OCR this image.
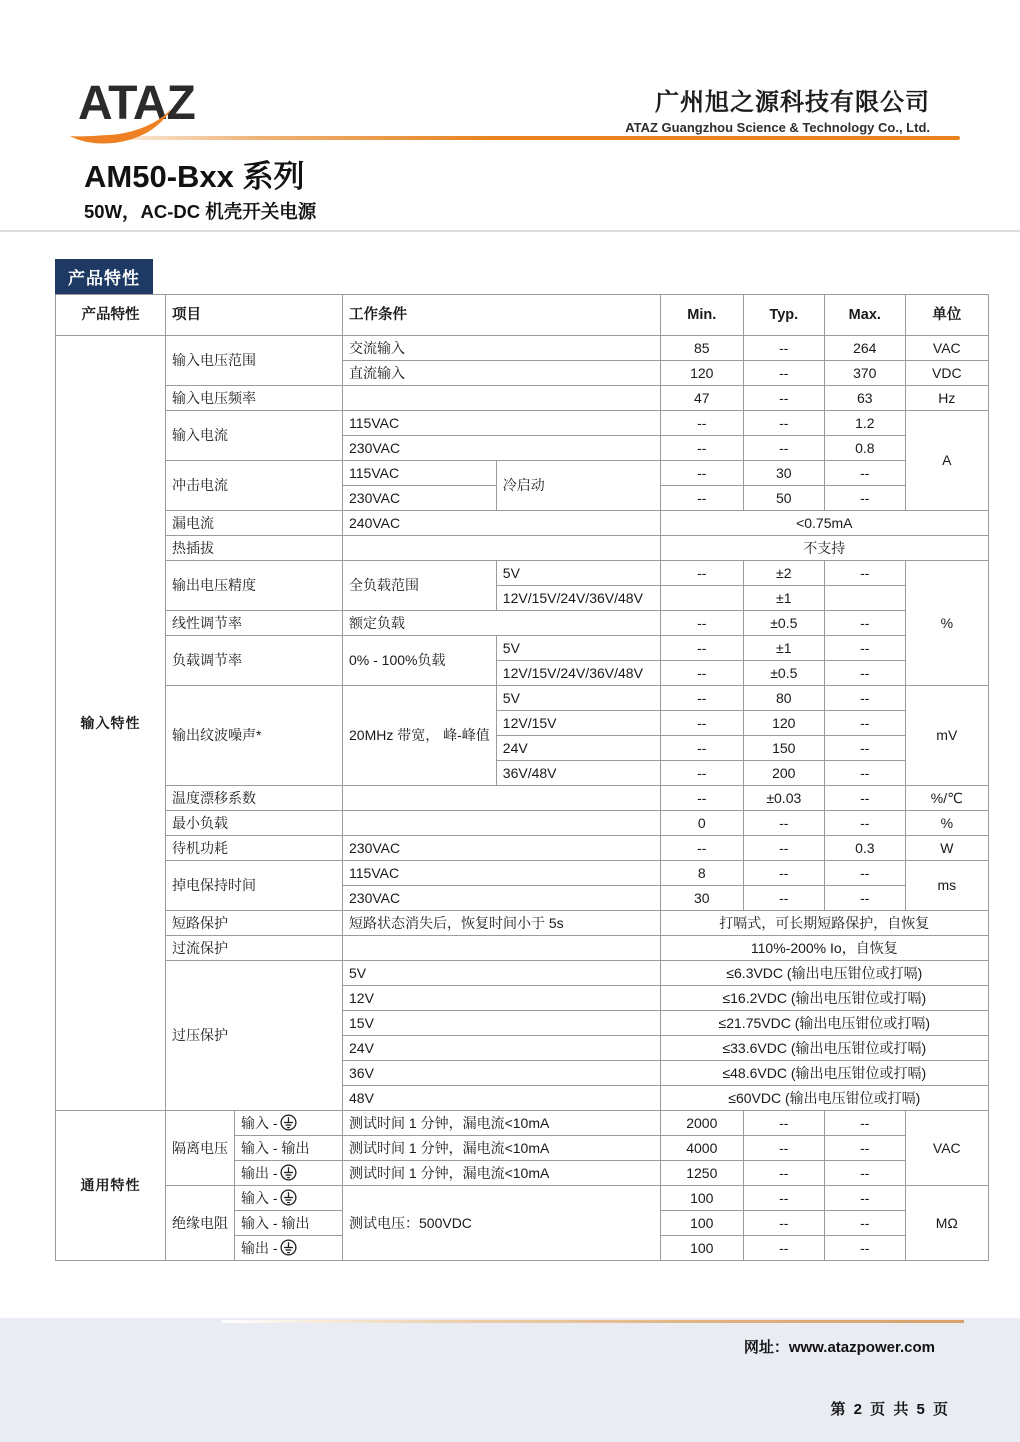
ATAZ	广州旭之源科技有限公司
ATAZ Guangzhou Science & Technology Co., Ltd.
AM50-Bxx 系列
50W，AC-DC 机壳开关电源
产品特性
产品特性	项目		工作条件		Min.	Typ.	Max.	单位
输入特性	输入电压范围		交流输入		85	--	264	VAC
			直流输入		120	--	370	VDC
	输入电压频率				47	--	63	Hz
	输入电流		115VAC		--	--	1.2	A
			230VAC		--	--	0.8	
	冲击电流		115VAC	冷启动	--	30	--	
			230VAC		--	50	--	
	漏电流		240VAC		<0.75mA			
	热插拔				不支持			
	输出电压精度		全负载范围	5V	--	±2	--	%
				12V/15V/24V/36V/48V		±1		
	线性调节率		额定负载		--	±0.5	--	
	负载调节率		0% - 100%负载	5V	--	±1	--	
				12V/15V/24V/36V/48V	--	±0.5	--	
	输出纹波噪声*		20MHz 带宽， 峰-峰值	5V	--	80	--	mV
				12V/15V	--	120	--	
				24V	--	150	--	
				36V/48V	--	200	--	
	温度漂移系数				--	±0.03	--	%/℃
	最小负载				0	--	--	%
	待机功耗		230VAC		--	--	0.3	W
	掉电保持时间		115VAC		8	--	--	ms
			230VAC		30	--	--	
	短路保护		短路状态消失后，恢复时间小于 5s		打嗝式，可长期短路保护，自恢复			
	过流保护				110%-200% Io，自恢复			
	过压保护		5V		≤6.3VDC (输出电压钳位或打嗝)			
			12V		≤16.2VDC (输出电压钳位或打嗝)			
			15V		≤21.75VDC (输出电压钳位或打嗝)			
			24V		≤33.6VDC (输出电压钳位或打嗝)			
			36V		≤48.6VDC (输出电压钳位或打嗝)			
			48V		≤60VDC (输出电压钳位或打嗝)			
通用特性	隔离电压	输入 -	测试时间 1 分钟，漏电流<10mA		2000	--	--	VAC
		输入 - 输出	测试时间 1 分钟，漏电流<10mA		4000	--	--	
		输出 -	测试时间 1 分钟，漏电流<10mA		1250	--	--	
	绝缘电阻	输入 -	测试电压：500VDC		100	--	--	MΩ
		输入 - 输出			100	--	--	
		输出 -			100	--	--	
网址：www.atazpower.com
第 2 页 共 5 页
